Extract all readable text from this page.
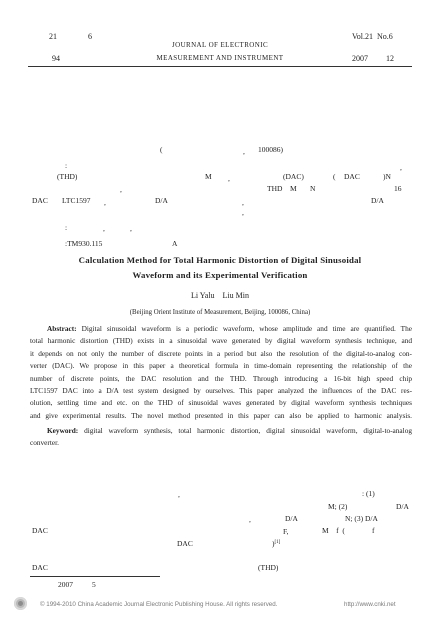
21	6
JOURNAL OF ELECTRONIC
Vol.21  No.6
94	MEASUREMENT AND INSTRUMENT	2007 12
(	, 100086)
:	,
(THD)	M ,	(DAC)	( DAC	)N
,	THD M N	16
DAC LTC1597 ,	D/A	,	D/A
,
:	,	,
:TM930.115	A
Calculation Method for Total Harmonic Distortion of Digital Sinusoidal
Waveform and its Experimental Verification
Li Yalu    Liu Min
(Beijing Orient Institute of Measurement, Beijing, 100086, China)
Abstract: Digital sinusoidal waveform is a periodic waveform, whose amplitude and time are quantified. The
total harmonic distortion (THD) exists in a sinusoidal wave generated by digital waveform synthesis technique, and
it depends on not only the number of discrete points in a period but also the resolution of the digital-to-analog con-
verter (DAC). We propose in this paper a theoretical formula in time-domain representing the relationship of the
number of discrete points, the DAC resolution and the THD. Through introducing a 16-bit high speed chip
LTC1597 DAC into a D/A test system designed by ourselves. This paper analyzed the influences of the DAC res-
olution, settling time and etc. on the THD of sinusoidal waves generated by digital waveform synthesis techniques
and give experimental results. The novel method presented in this paper can also be applied to harmonic analysis.
Keyword: digital waveform synthesis, total harmonic distortion, digital sinusoidal waveform, digital-to-analog
converter.
,	: (1)
M; (2)	D/A
,	D/A	N; (3) D/A
DAC	F,	M    f  (	f
DAC	)[1]
DAC	(THD)
2007	5
© 1994-2010 China Academic Journal Electronic Publishing House. All rights reserved.	http://www.cnki.net
